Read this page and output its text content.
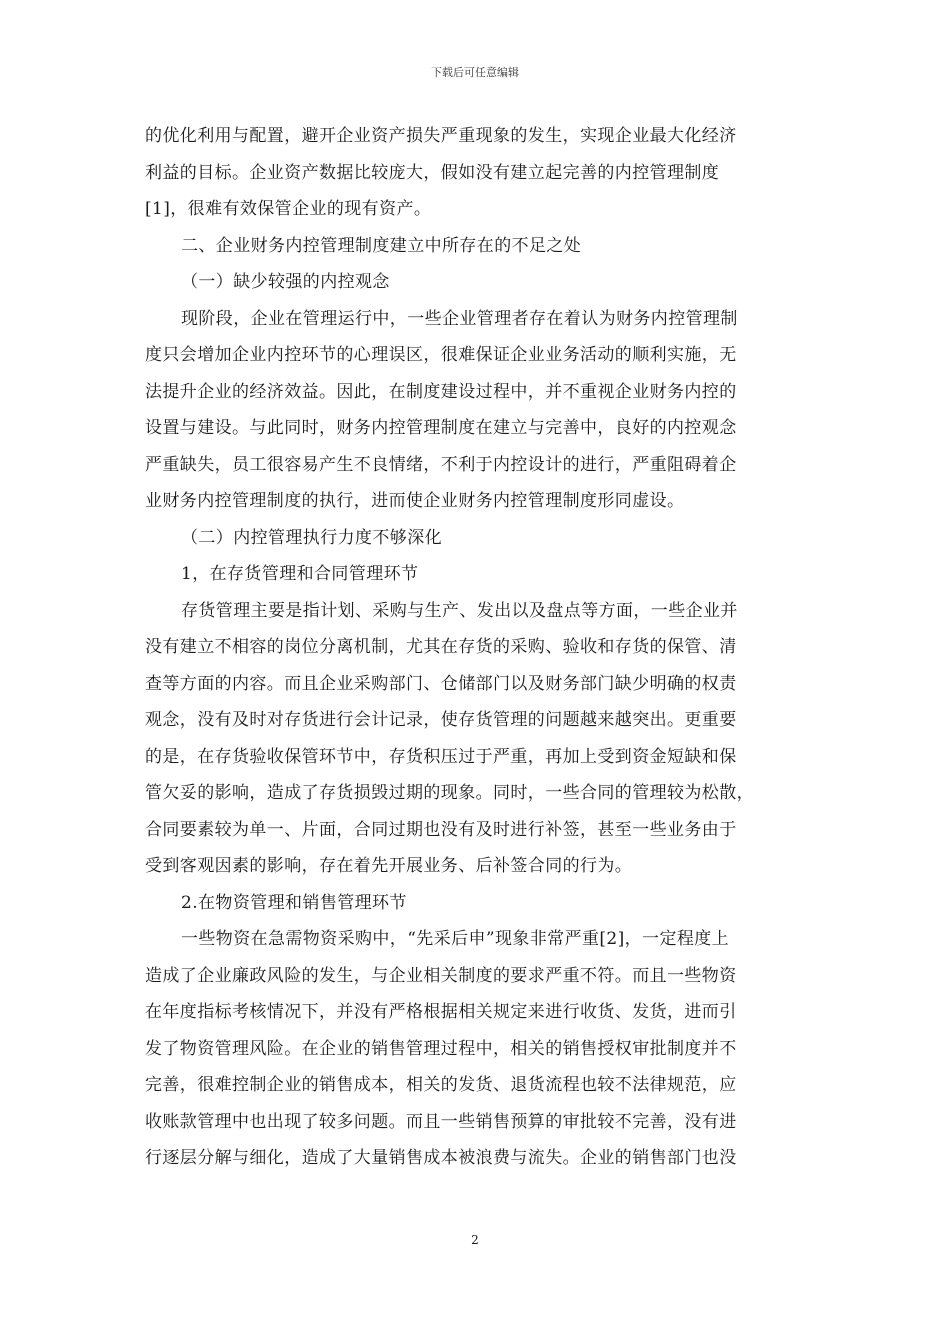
下载后可任意编辑
的优化利用与配置，避开企业资产损失严重现象的发生，实现企业最大化经济
利益的目标。企业资产数据比较庞大，假如没有建立起完善的内控管理制度
[1]，很难有效保管企业的现有资产。
二、企业财务内控管理制度建立中所存在的不足之处
（一）缺少较强的内控观念
现阶段，企业在管理运行中，一些企业管理者存在着认为财务内控管理制
度只会增加企业内控环节的心理误区，很难保证企业业务活动的顺利实施，无
法提升企业的经济效益。因此，在制度建设过程中，并不重视企业财务内控的
设置与建设。与此同时，财务内控管理制度在建立与完善中，良好的内控观念
严重缺失，员工很容易产生不良情绪，不利于内控设计的进行，严重阻碍着企
业财务内控管理制度的执行，进而使企业财务内控管理制度形同虚设。
（二）内控管理执行力度不够深化
1，在存货管理和合同管理环节
存货管理主要是指计划、采购与生产、发出以及盘点等方面，一些企业并
没有建立不相容的岗位分离机制，尤其在存货的采购、验收和存货的保管、清
查等方面的内容。而且企业采购部门、仓储部门以及财务部门缺少明确的权责
观念，没有及时对存货进行会计记录，使存货管理的问题越来越突出。更重要
的是，在存货验收保管环节中，存货积压过于严重，再加上受到资金短缺和保
管欠妥的影响，造成了存货损毁过期的现象。同时，一些合同的管理较为松散，
合同要素较为单一、片面，合同过期也没有及时进行补签，甚至一些业务由于
受到客观因素的影响，存在着先开展业务、后补签合同的行为。
2.在物资管理和销售管理环节
一些物资在急需物资采购中，“先采后申”现象非常严重[2]，一定程度上
造成了企业廉政风险的发生，与企业相关制度的要求严重不符。而且一些物资
在年度指标考核情况下，并没有严格根据相关规定来进行收货、发货，进而引
发了物资管理风险。在企业的销售管理过程中，相关的销售授权审批制度并不
完善，很难控制企业的销售成本，相关的发货、退货流程也较不法律规范，应
收账款管理中也出现了较多问题。而且一些销售预算的审批较不完善，没有进
行逐层分解与细化，造成了大量销售成本被浪费与流失。企业的销售部门也没
2
